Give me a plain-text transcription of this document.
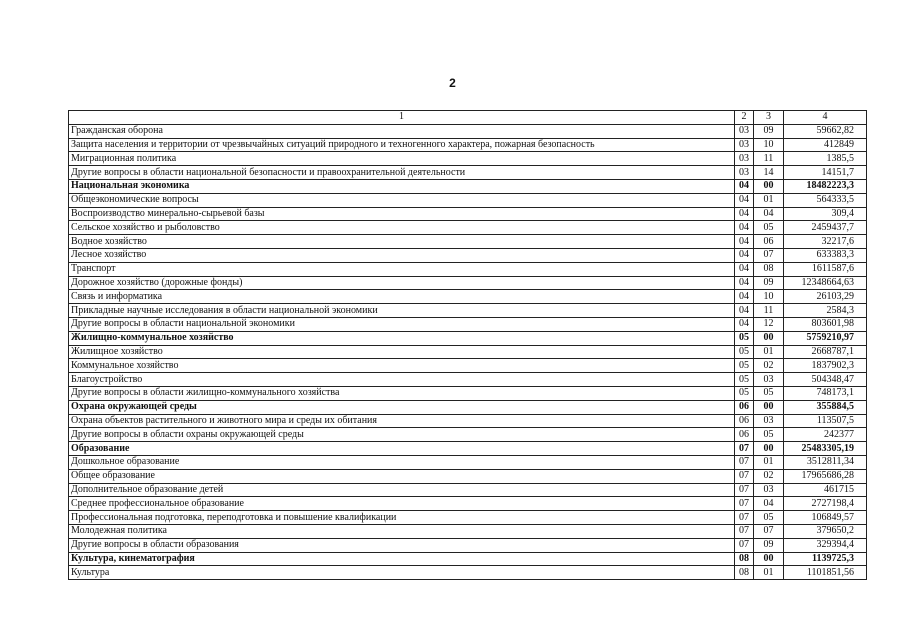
2
1	2	3	4
Гражданская оборона	03	09	59662,82
Защита населения и территории от чрезвычайных ситуаций природного и техногенного характера, пожарная безопасность	03	10	412849
Миграционная политика	03	11	1385,5
Другие вопросы в области национальной безопасности и правоохранительной деятельности	03	14	14151,7
Национальная экономика	04	00	18482223,3
Общеэкономические вопросы	04	01	564333,5
Воспроизводство минерально-сырьевой базы	04	04	309,4
Сельское хозяйство и рыболовство	04	05	2459437,7
Водное хозяйство	04	06	32217,6
Лесное хозяйство	04	07	633383,3
Транспорт	04	08	1611587,6
Дорожное хозяйство (дорожные фонды)	04	09	12348664,63
Связь и информатика	04	10	26103,29
Прикладные научные исследования в области национальной экономики	04	11	2584,3
Другие вопросы в области национальной экономики	04	12	803601,98
Жилищно-коммунальное хозяйство	05	00	5759210,97
Жилищное хозяйство	05	01	2668787,1
Коммунальное хозяйство	05	02	1837902,3
Благоустройство	05	03	504348,47
Другие вопросы в области жилищно-коммунального хозяйства	05	05	748173,1
Охрана окружающей среды	06	00	355884,5
Охрана объектов растительного и животного мира и среды их обитания	06	03	113507,5
Другие вопросы в области охраны окружающей среды	06	05	242377
Образование	07	00	25483305,19
Дошкольное образование	07	01	3512811,34
Общее образование	07	02	17965686,28
Дополнительное образование детей	07	03	461715
Среднее профессиональное образование	07	04	2727198,4
Профессиональная подготовка, переподготовка и повышение квалификации	07	05	106849,57
Молодежная политика	07	07	379650,2
Другие вопросы в области образования	07	09	329394,4
Культура, кинематография	08	00	1139725,3
Культура	08	01	1101851,56
